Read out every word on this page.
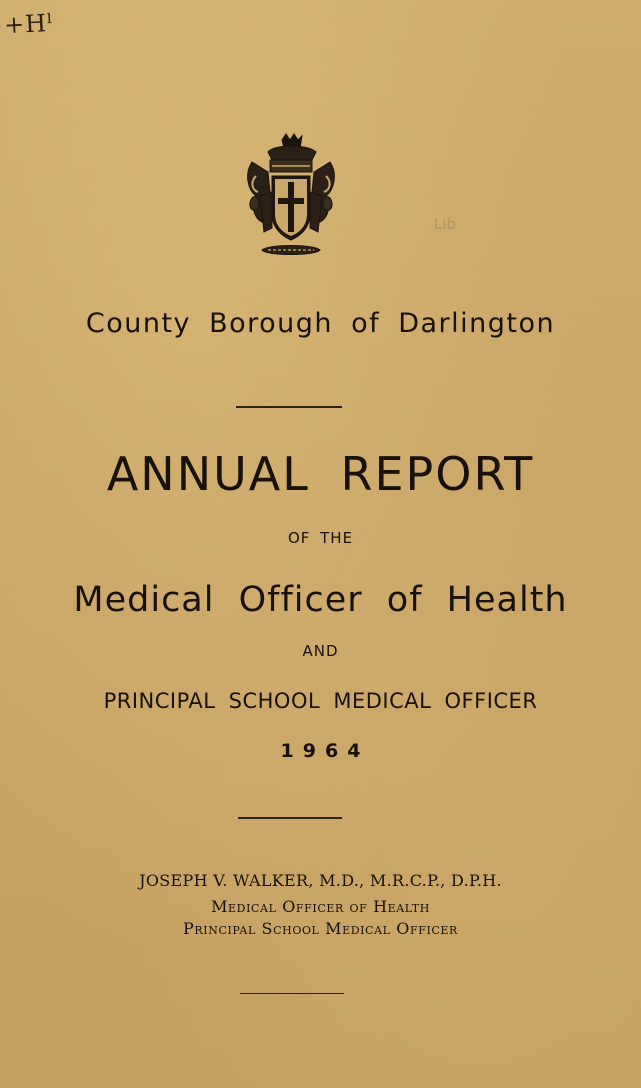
+Hˡ
Lib
County Borough of Darlington
ANNUAL REPORT
OF THE
Medical Officer of Health
AND
PRINCIPAL SCHOOL MEDICAL OFFICER
1964
JOSEPH V. WALKER, M.D., M.R.C.P., D.P.H.
Medical Officer of Health
Principal School Medical Officer
